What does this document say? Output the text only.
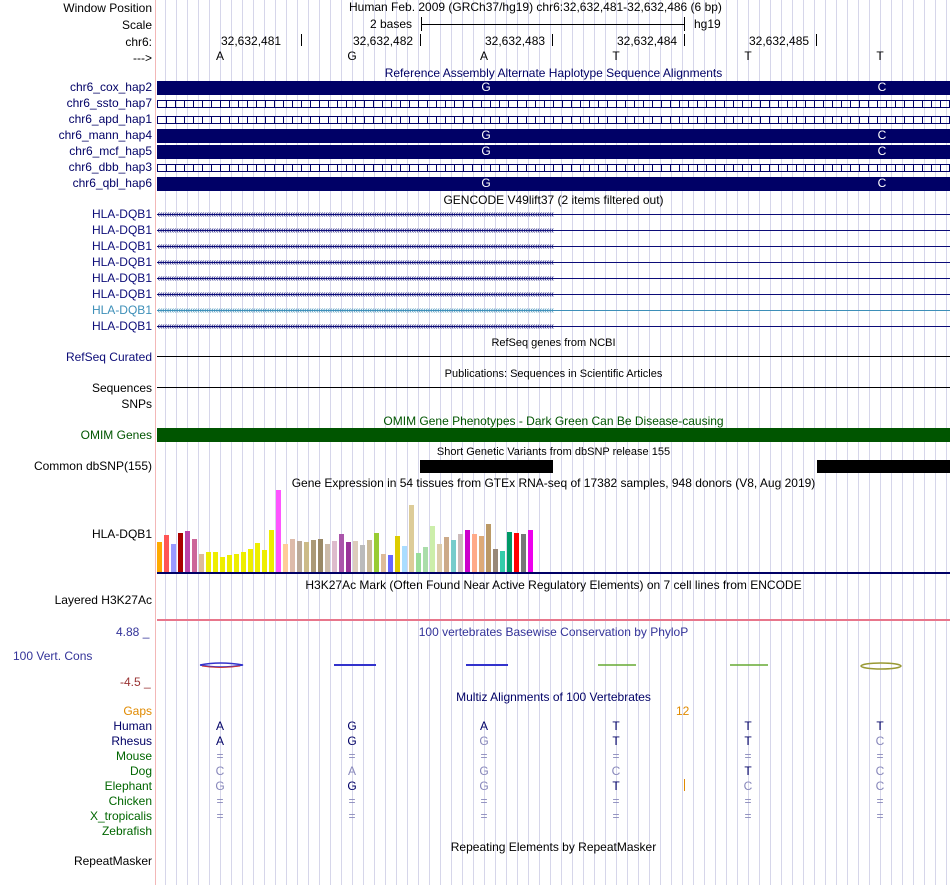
Window Position
Scale
chr6:
--->
Human Feb. 2009 (GRCh37/hg19) chr6:32,632,481-32,632,486 (6 bp)
2 bases	hg19
32,632,481	32,632,482	32,632,483	32,632,484	32,632,485
A	G	A	T	T	T
Reference Assembly Alternate Haplotype Sequence Alignments
chr6_cox_hap2	G	C
chr6_ssto_hap7
chr6_apd_hap1
chr6_mann_hap4	G	C
chr6_mcf_hap5	G	C
chr6_dbb_hap3
chr6_qbl_hap6	G	C
GENCODE V49lift37 (2 items filtered out)
HLA-DQB1 ‹‹‹‹‹‹‹‹‹‹‹‹‹‹‹‹‹‹‹‹‹‹‹‹‹‹‹‹‹‹‹‹‹‹‹‹‹‹‹‹‹‹‹‹‹‹‹‹‹‹‹‹‹‹‹‹‹‹‹‹‹‹‹‹‹‹‹‹‹‹‹‹‹‹‹‹‹‹‹‹‹‹‹‹‹‹‹‹‹‹‹‹‹‹‹‹‹‹‹‹‹‹‹‹‹‹‹‹‹‹‹‹‹‹‹‹‹‹‹‹‹‹‹‹‹‹‹‹‹‹‹‹‹‹‹‹‹‹‹‹‹‹‹‹‹‹‹‹‹‹‹‹‹‹‹‹‹‹‹‹‹‹‹‹‹‹‹‹‹‹
HLA-DQB1 ‹‹‹‹‹‹‹‹‹‹‹‹‹‹‹‹‹‹‹‹‹‹‹‹‹‹‹‹‹‹‹‹‹‹‹‹‹‹‹‹‹‹‹‹‹‹‹‹‹‹‹‹‹‹‹‹‹‹‹‹‹‹‹‹‹‹‹‹‹‹‹‹‹‹‹‹‹‹‹‹‹‹‹‹‹‹‹‹‹‹‹‹‹‹‹‹‹‹‹‹‹‹‹‹‹‹‹‹‹‹‹‹‹‹‹‹‹‹‹‹‹‹‹‹‹‹‹‹‹‹‹‹‹‹‹‹‹‹‹‹‹‹‹‹‹‹‹‹‹‹‹‹‹‹‹‹‹‹‹‹‹‹‹‹‹‹‹‹‹‹
HLA-DQB1 ‹‹‹‹‹‹‹‹‹‹‹‹‹‹‹‹‹‹‹‹‹‹‹‹‹‹‹‹‹‹‹‹‹‹‹‹‹‹‹‹‹‹‹‹‹‹‹‹‹‹‹‹‹‹‹‹‹‹‹‹‹‹‹‹‹‹‹‹‹‹‹‹‹‹‹‹‹‹‹‹‹‹‹‹‹‹‹‹‹‹‹‹‹‹‹‹‹‹‹‹‹‹‹‹‹‹‹‹‹‹‹‹‹‹‹‹‹‹‹‹‹‹‹‹‹‹‹‹‹‹‹‹‹‹‹‹‹‹‹‹‹‹‹‹‹‹‹‹‹‹‹‹‹‹‹‹‹‹‹‹‹‹‹‹‹‹‹‹‹‹
HLA-DQB1 ‹‹‹‹‹‹‹‹‹‹‹‹‹‹‹‹‹‹‹‹‹‹‹‹‹‹‹‹‹‹‹‹‹‹‹‹‹‹‹‹‹‹‹‹‹‹‹‹‹‹‹‹‹‹‹‹‹‹‹‹‹‹‹‹‹‹‹‹‹‹‹‹‹‹‹‹‹‹‹‹‹‹‹‹‹‹‹‹‹‹‹‹‹‹‹‹‹‹‹‹‹‹‹‹‹‹‹‹‹‹‹‹‹‹‹‹‹‹‹‹‹‹‹‹‹‹‹‹‹‹‹‹‹‹‹‹‹‹‹‹‹‹‹‹‹‹‹‹‹‹‹‹‹‹‹‹‹‹‹‹‹‹‹‹‹‹‹‹‹‹
HLA-DQB1 ‹‹‹‹‹‹‹‹‹‹‹‹‹‹‹‹‹‹‹‹‹‹‹‹‹‹‹‹‹‹‹‹‹‹‹‹‹‹‹‹‹‹‹‹‹‹‹‹‹‹‹‹‹‹‹‹‹‹‹‹‹‹‹‹‹‹‹‹‹‹‹‹‹‹‹‹‹‹‹‹‹‹‹‹‹‹‹‹‹‹‹‹‹‹‹‹‹‹‹‹‹‹‹‹‹‹‹‹‹‹‹‹‹‹‹‹‹‹‹‹‹‹‹‹‹‹‹‹‹‹‹‹‹‹‹‹‹‹‹‹‹‹‹‹‹‹‹‹‹‹‹‹‹‹‹‹‹‹‹‹‹‹‹‹‹‹‹‹‹‹
HLA-DQB1 ‹‹‹‹‹‹‹‹‹‹‹‹‹‹‹‹‹‹‹‹‹‹‹‹‹‹‹‹‹‹‹‹‹‹‹‹‹‹‹‹‹‹‹‹‹‹‹‹‹‹‹‹‹‹‹‹‹‹‹‹‹‹‹‹‹‹‹‹‹‹‹‹‹‹‹‹‹‹‹‹‹‹‹‹‹‹‹‹‹‹‹‹‹‹‹‹‹‹‹‹‹‹‹‹‹‹‹‹‹‹‹‹‹‹‹‹‹‹‹‹‹‹‹‹‹‹‹‹‹‹‹‹‹‹‹‹‹‹‹‹‹‹‹‹‹‹‹‹‹‹‹‹‹‹‹‹‹‹‹‹‹‹‹‹‹‹‹‹‹‹
HLA-DQB1 ‹‹‹‹‹‹‹‹‹‹‹‹‹‹‹‹‹‹‹‹‹‹‹‹‹‹‹‹‹‹‹‹‹‹‹‹‹‹‹‹‹‹‹‹‹‹‹‹‹‹‹‹‹‹‹‹‹‹‹‹‹‹‹‹‹‹‹‹‹‹‹‹‹‹‹‹‹‹‹‹‹‹‹‹‹‹‹‹‹‹‹‹‹‹‹‹‹‹‹‹‹‹‹‹‹‹‹‹‹‹‹‹‹‹‹‹‹‹‹‹‹‹‹‹‹‹‹‹‹‹‹‹‹‹‹‹‹‹‹‹‹‹‹‹‹‹‹‹‹‹‹‹‹‹‹‹‹‹‹‹‹‹‹‹‹‹‹‹‹‹
HLA-DQB1 ‹‹‹‹‹‹‹‹‹‹‹‹‹‹‹‹‹‹‹‹‹‹‹‹‹‹‹‹‹‹‹‹‹‹‹‹‹‹‹‹‹‹‹‹‹‹‹‹‹‹‹‹‹‹‹‹‹‹‹‹‹‹‹‹‹‹‹‹‹‹‹‹‹‹‹‹‹‹‹‹‹‹‹‹‹‹‹‹‹‹‹‹‹‹‹‹‹‹‹‹‹‹‹‹‹‹‹‹‹‹‹‹‹‹‹‹‹‹‹‹‹‹‹‹‹‹‹‹‹‹‹‹‹‹‹‹‹‹‹‹‹‹‹‹‹‹‹‹‹‹‹‹‹‹‹‹‹‹‹‹‹‹‹‹‹‹‹‹‹‹
RefSeq genes from NCBI
RefSeq Curated
Publications: Sequences in Scientific Articles
Sequences
SNPs
OMIM Gene Phenotypes - Dark Green Can Be Disease-causing
OMIM Genes
Short Genetic Variants from dbSNP release 155
Common dbSNP(155)
Gene Expression in 54 tissues from GTEx RNA-seq of 17382 samples, 948 donors (V8, Aug 2019)
HLA-DQB1
H3K27Ac Mark (Often Found Near Active Regulatory Elements) on 7 cell lines from ENCODE
Layered H3K27Ac
100 vertebrates Basewise Conservation by PhyloP
4.88 _
100 Vert. Cons
-4.5 _
Multiz Alignments of 100 Vertebrates
Gaps	12
Human	A	G	A	T	T	T
Rhesus	A	G	G	T	T	C
Mouse	=	=	=	=	=	=
Dog	C	A	G	C	T	C
Elephant	G	G	G	T	C	C
Chicken	=	=	=	=	=	=
X_tropicalis	=	=	=	=	=	=
Zebrafish
Repeating Elements by RepeatMasker
RepeatMasker
